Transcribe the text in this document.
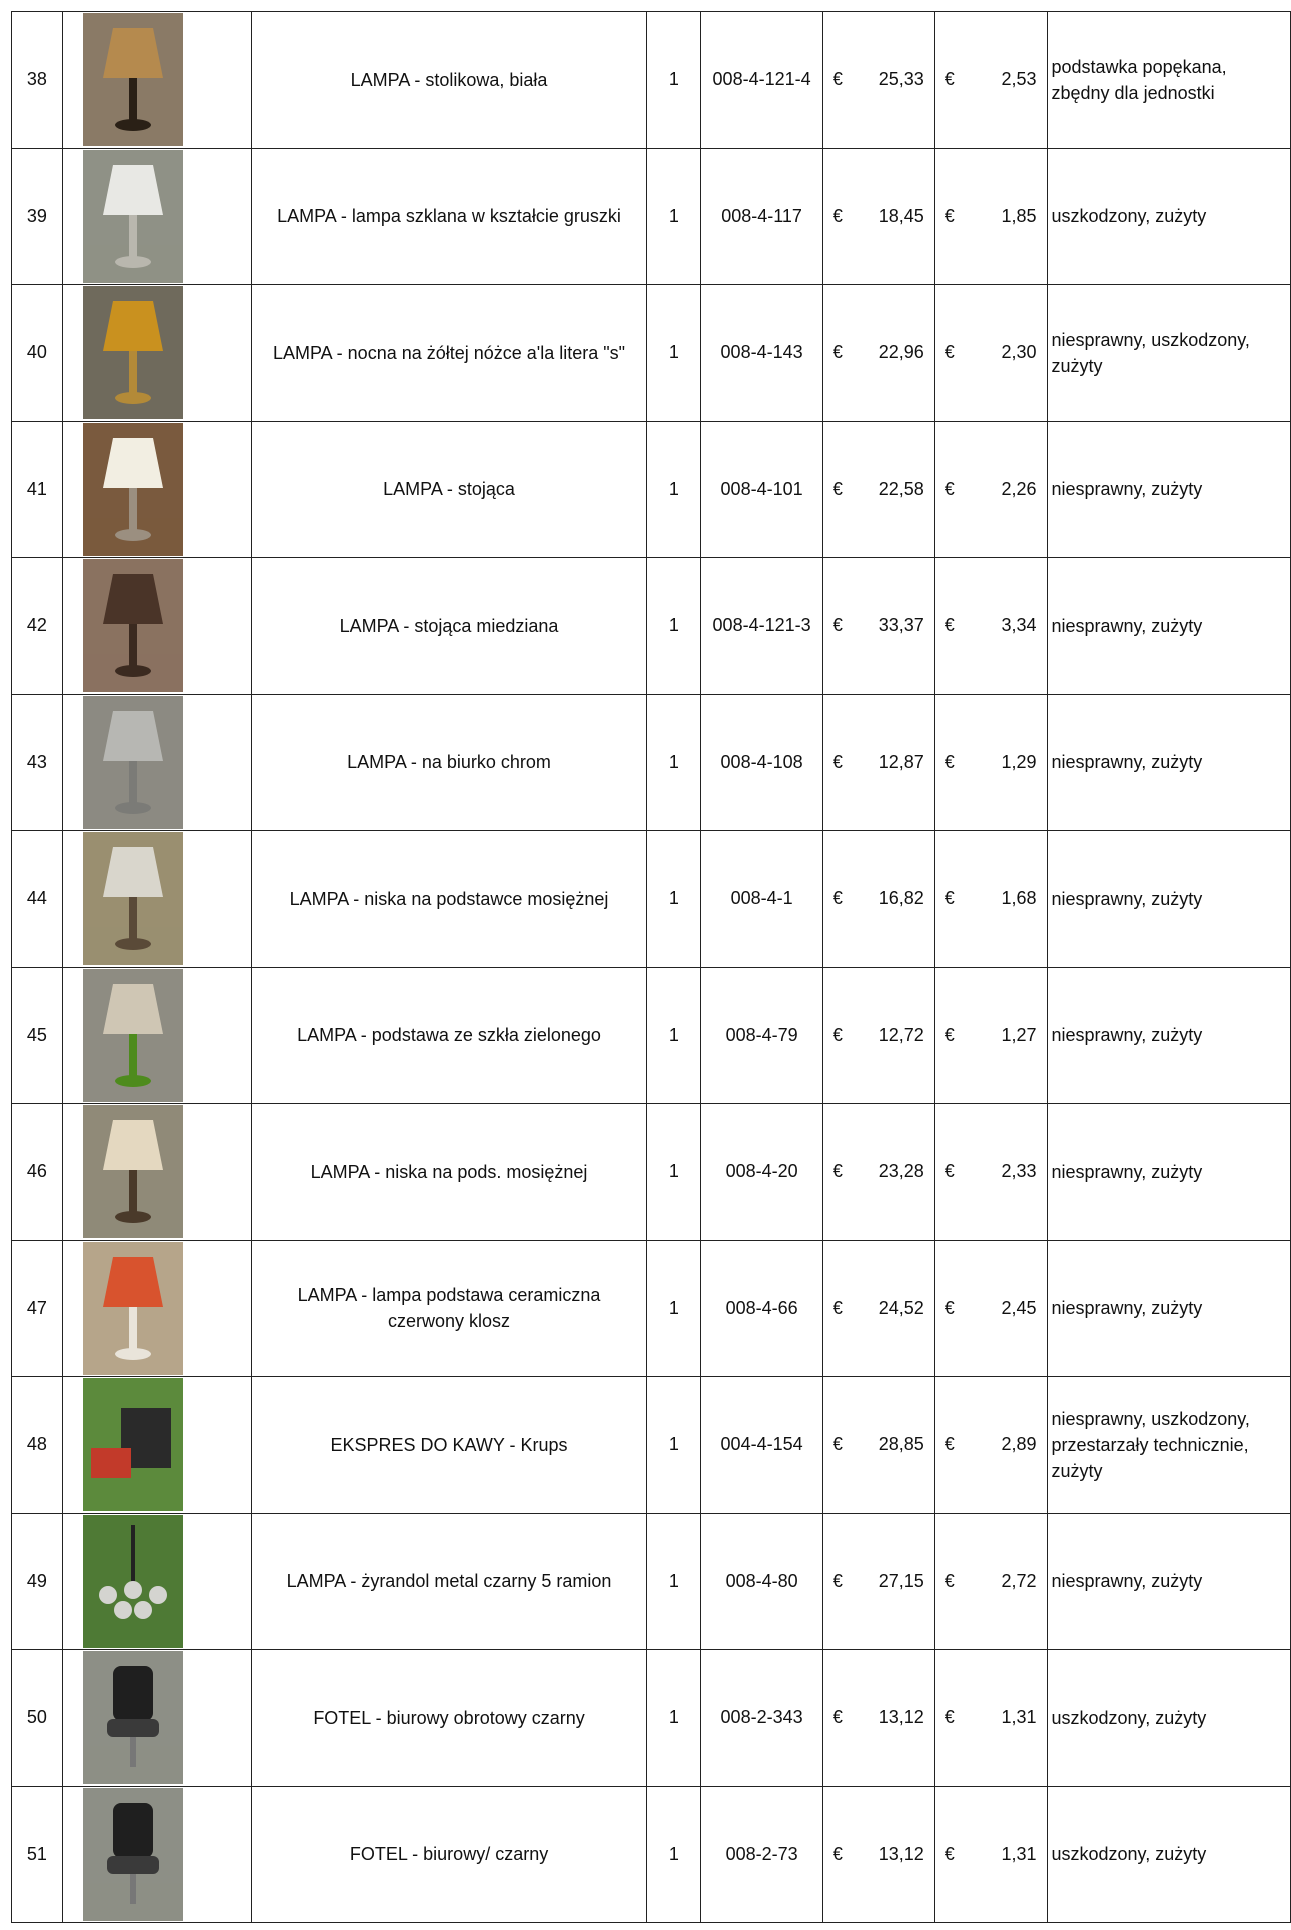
38		LAMPA - stolikowa, biała	1	008-4-121-4	€ 25,33	€ 2,53	podstawka popękana, zbędny dla jednostki
39		LAMPA - lampa szklana w kształcie gruszki	1	008-4-117	€ 18,45	€ 1,85	uszkodzony, zużyty
40		LAMPA - nocna na żółtej nóżce a'la litera "s"	1	008-4-143	€ 22,96	€ 2,30	niesprawny, uszkodzony, zużyty
41		LAMPA - stojąca	1	008-4-101	€ 22,58	€ 2,26	niesprawny, zużyty
42		LAMPA - stojąca miedziana	1	008-4-121-3	€ 33,37	€ 3,34	niesprawny, zużyty
43		LAMPA - na biurko chrom	1	008-4-108	€ 12,87	€ 1,29	niesprawny, zużyty
44		LAMPA - niska na podstawce mosiężnej	1	008-4-1	€ 16,82	€ 1,68	niesprawny, zużyty
45		LAMPA - podstawa ze szkła zielonego	1	008-4-79	€ 12,72	€ 1,27	niesprawny, zużyty
46		LAMPA - niska na pods. mosiężnej	1	008-4-20	€ 23,28	€ 2,33	niesprawny, zużyty
47		LAMPA - lampa podstawa ceramiczna czerwony klosz	1	008-4-66	€ 24,52	€ 2,45	niesprawny, zużyty
48		EKSPRES DO KAWY - Krups	1	004-4-154	€ 28,85	€ 2,89	niesprawny, uszkodzony, przestarzały technicznie, zużyty
49		LAMPA - żyrandol metal czarny 5 ramion	1	008-4-80	€ 27,15	€ 2,72	niesprawny, zużyty
50		FOTEL - biurowy obrotowy czarny	1	008-2-343	€ 13,12	€ 1,31	uszkodzony, zużyty
51		FOTEL - biurowy/ czarny	1	008-2-73	€ 13,12	€ 1,31	uszkodzony, zużyty
